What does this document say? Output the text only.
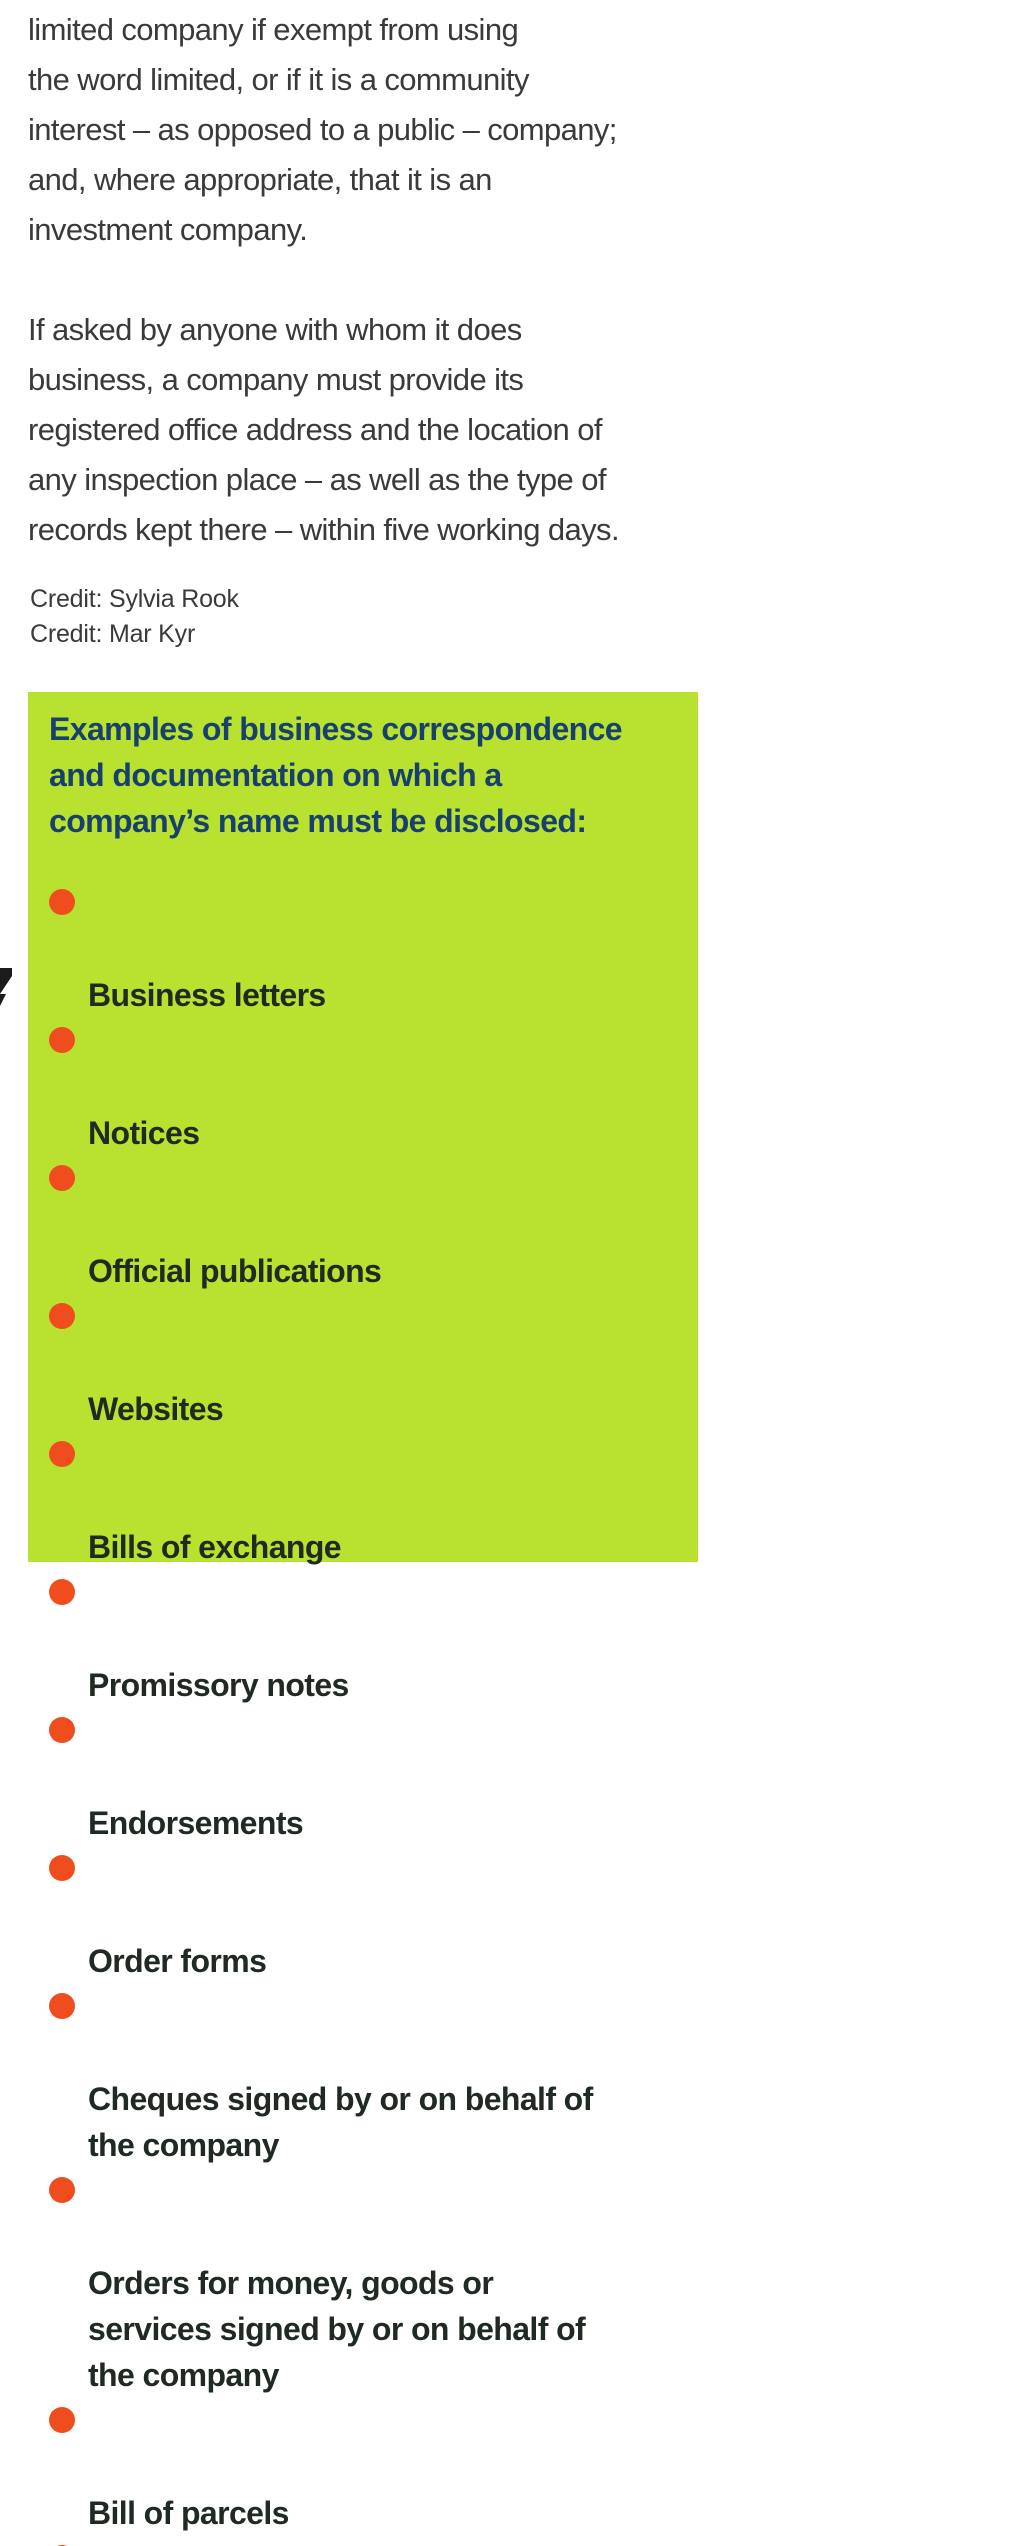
limited company if exempt from using
the word limited, or if it is a community
interest – as opposed to a public – company;
and, where appropriate, that it is an
investment company.

If asked by anyone with whom it does
business, a company must provide its
registered office address and the location of
any inspection place – as well as the type of
records kept there – within five working days.

Credit: Sylvia Rook
Credit: Mar Kyr
Examples of business correspondence
and documentation on which a
company’s name must be disclosed:

Business letters

Notices

Official publications

Websites

Bills of exchange

Promissory notes

Endorsements

Order forms

Cheques signed by or on behalf of
the company

Orders for money, goods or
services signed by or on behalf of
the company

Bill of parcels
